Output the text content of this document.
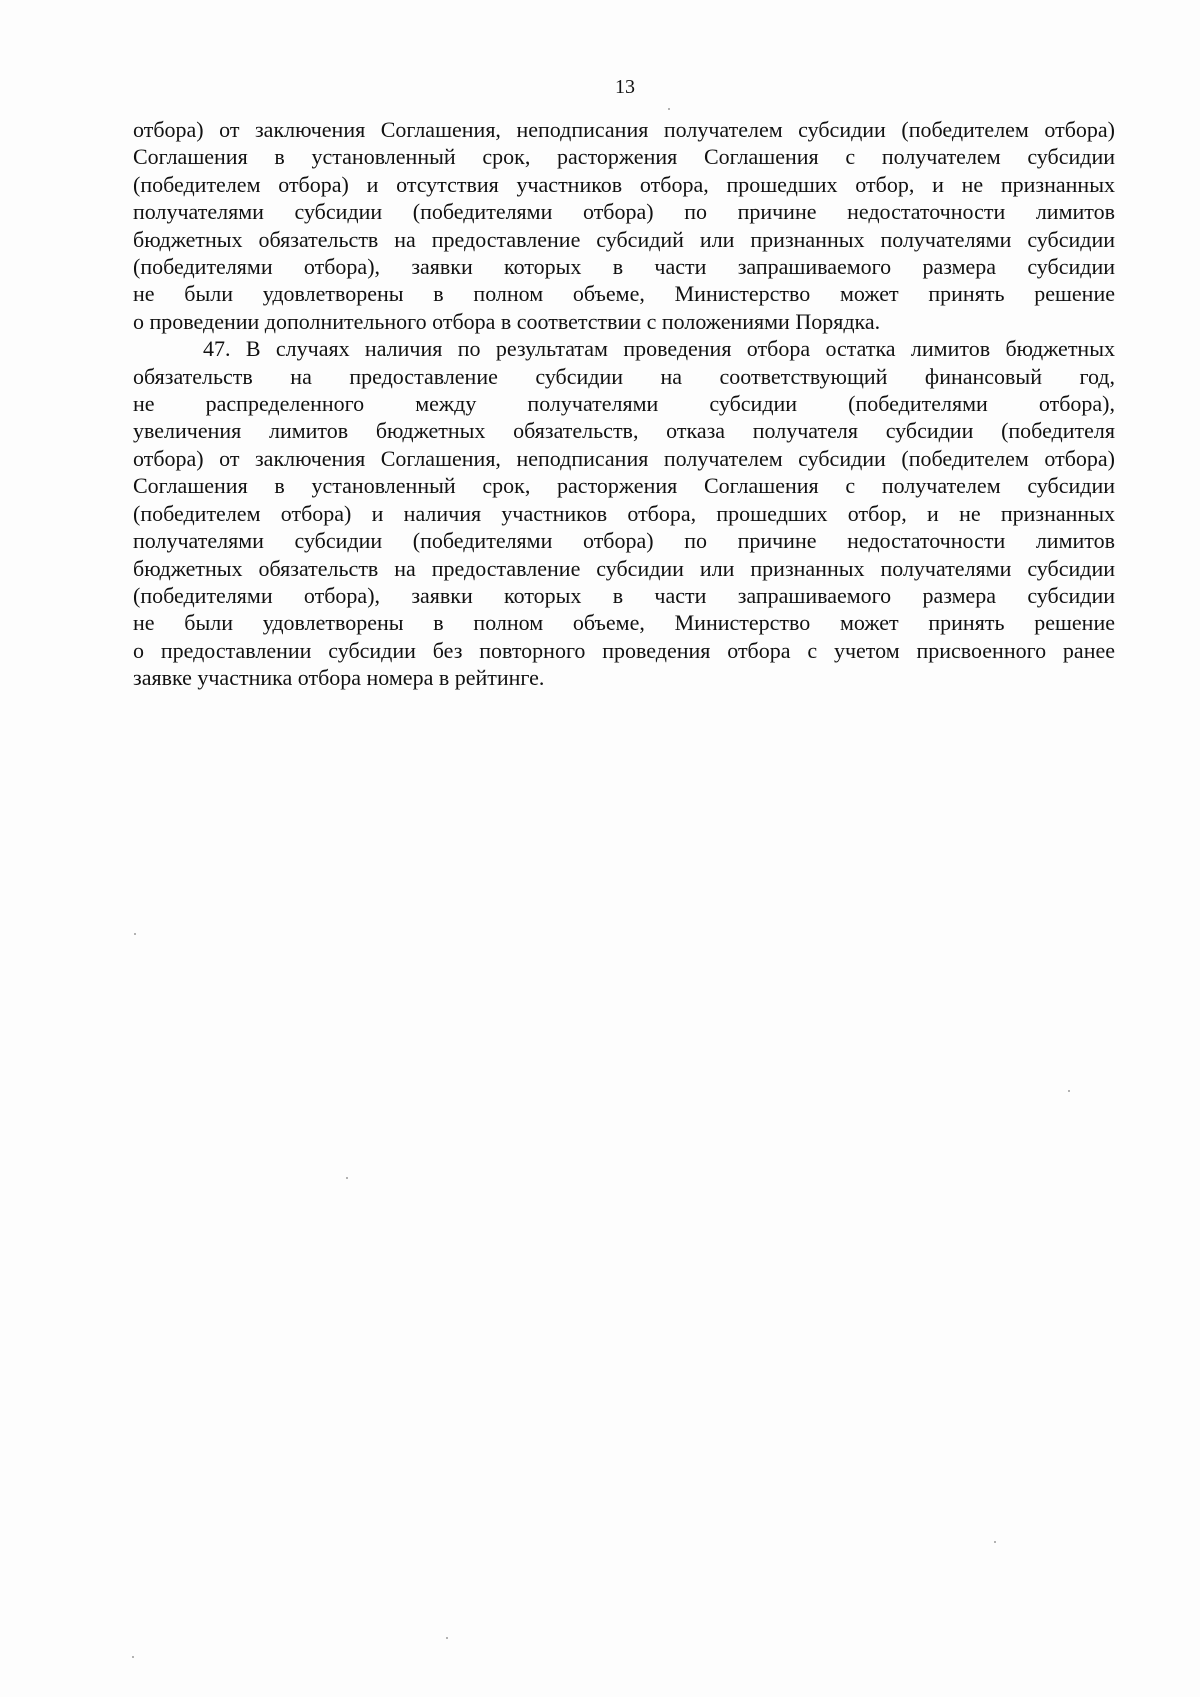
13
отбора) от заключения Соглашения, неподписания получателем субсидии (победителем отбора)
Соглашения в установленный срок, расторжения Соглашения с получателем субсидии
(победителем отбора) и отсутствия участников отбора, прошедших отбор, и не признанных
получателями субсидии (победителями отбора) по причине недостаточности лимитов
бюджетных обязательств на предоставление субсидий или признанных получателями субсидии
(победителями отбора), заявки которых в части запрашиваемого размера субсидии
не были удовлетворены в полном объеме, Министерство может принять решение
о проведении дополнительного отбора в соответствии с положениями Порядка.
47. В случаях наличия по результатам проведения отбора остатка лимитов бюджетных
обязательств на предоставление субсидии на соответствующий финансовый год,
не распределенного между получателями субсидии (победителями отбора),
увеличения лимитов бюджетных обязательств, отказа получателя субсидии (победителя
отбора) от заключения Соглашения, неподписания получателем субсидии (победителем отбора)
Соглашения в установленный срок, расторжения Соглашения с получателем субсидии
(победителем отбора) и наличия участников отбора, прошедших отбор, и не признанных
получателями субсидии (победителями отбора) по причине недостаточности лимитов
бюджетных обязательств на предоставление субсидии или признанных получателями субсидии
(победителями отбора), заявки которых в части запрашиваемого размера субсидии
не были удовлетворены в полном объеме, Министерство может принять решение
о предоставлении субсидии без повторного проведения отбора с учетом присвоенного ранее
заявке участника отбора номера в рейтинге.
